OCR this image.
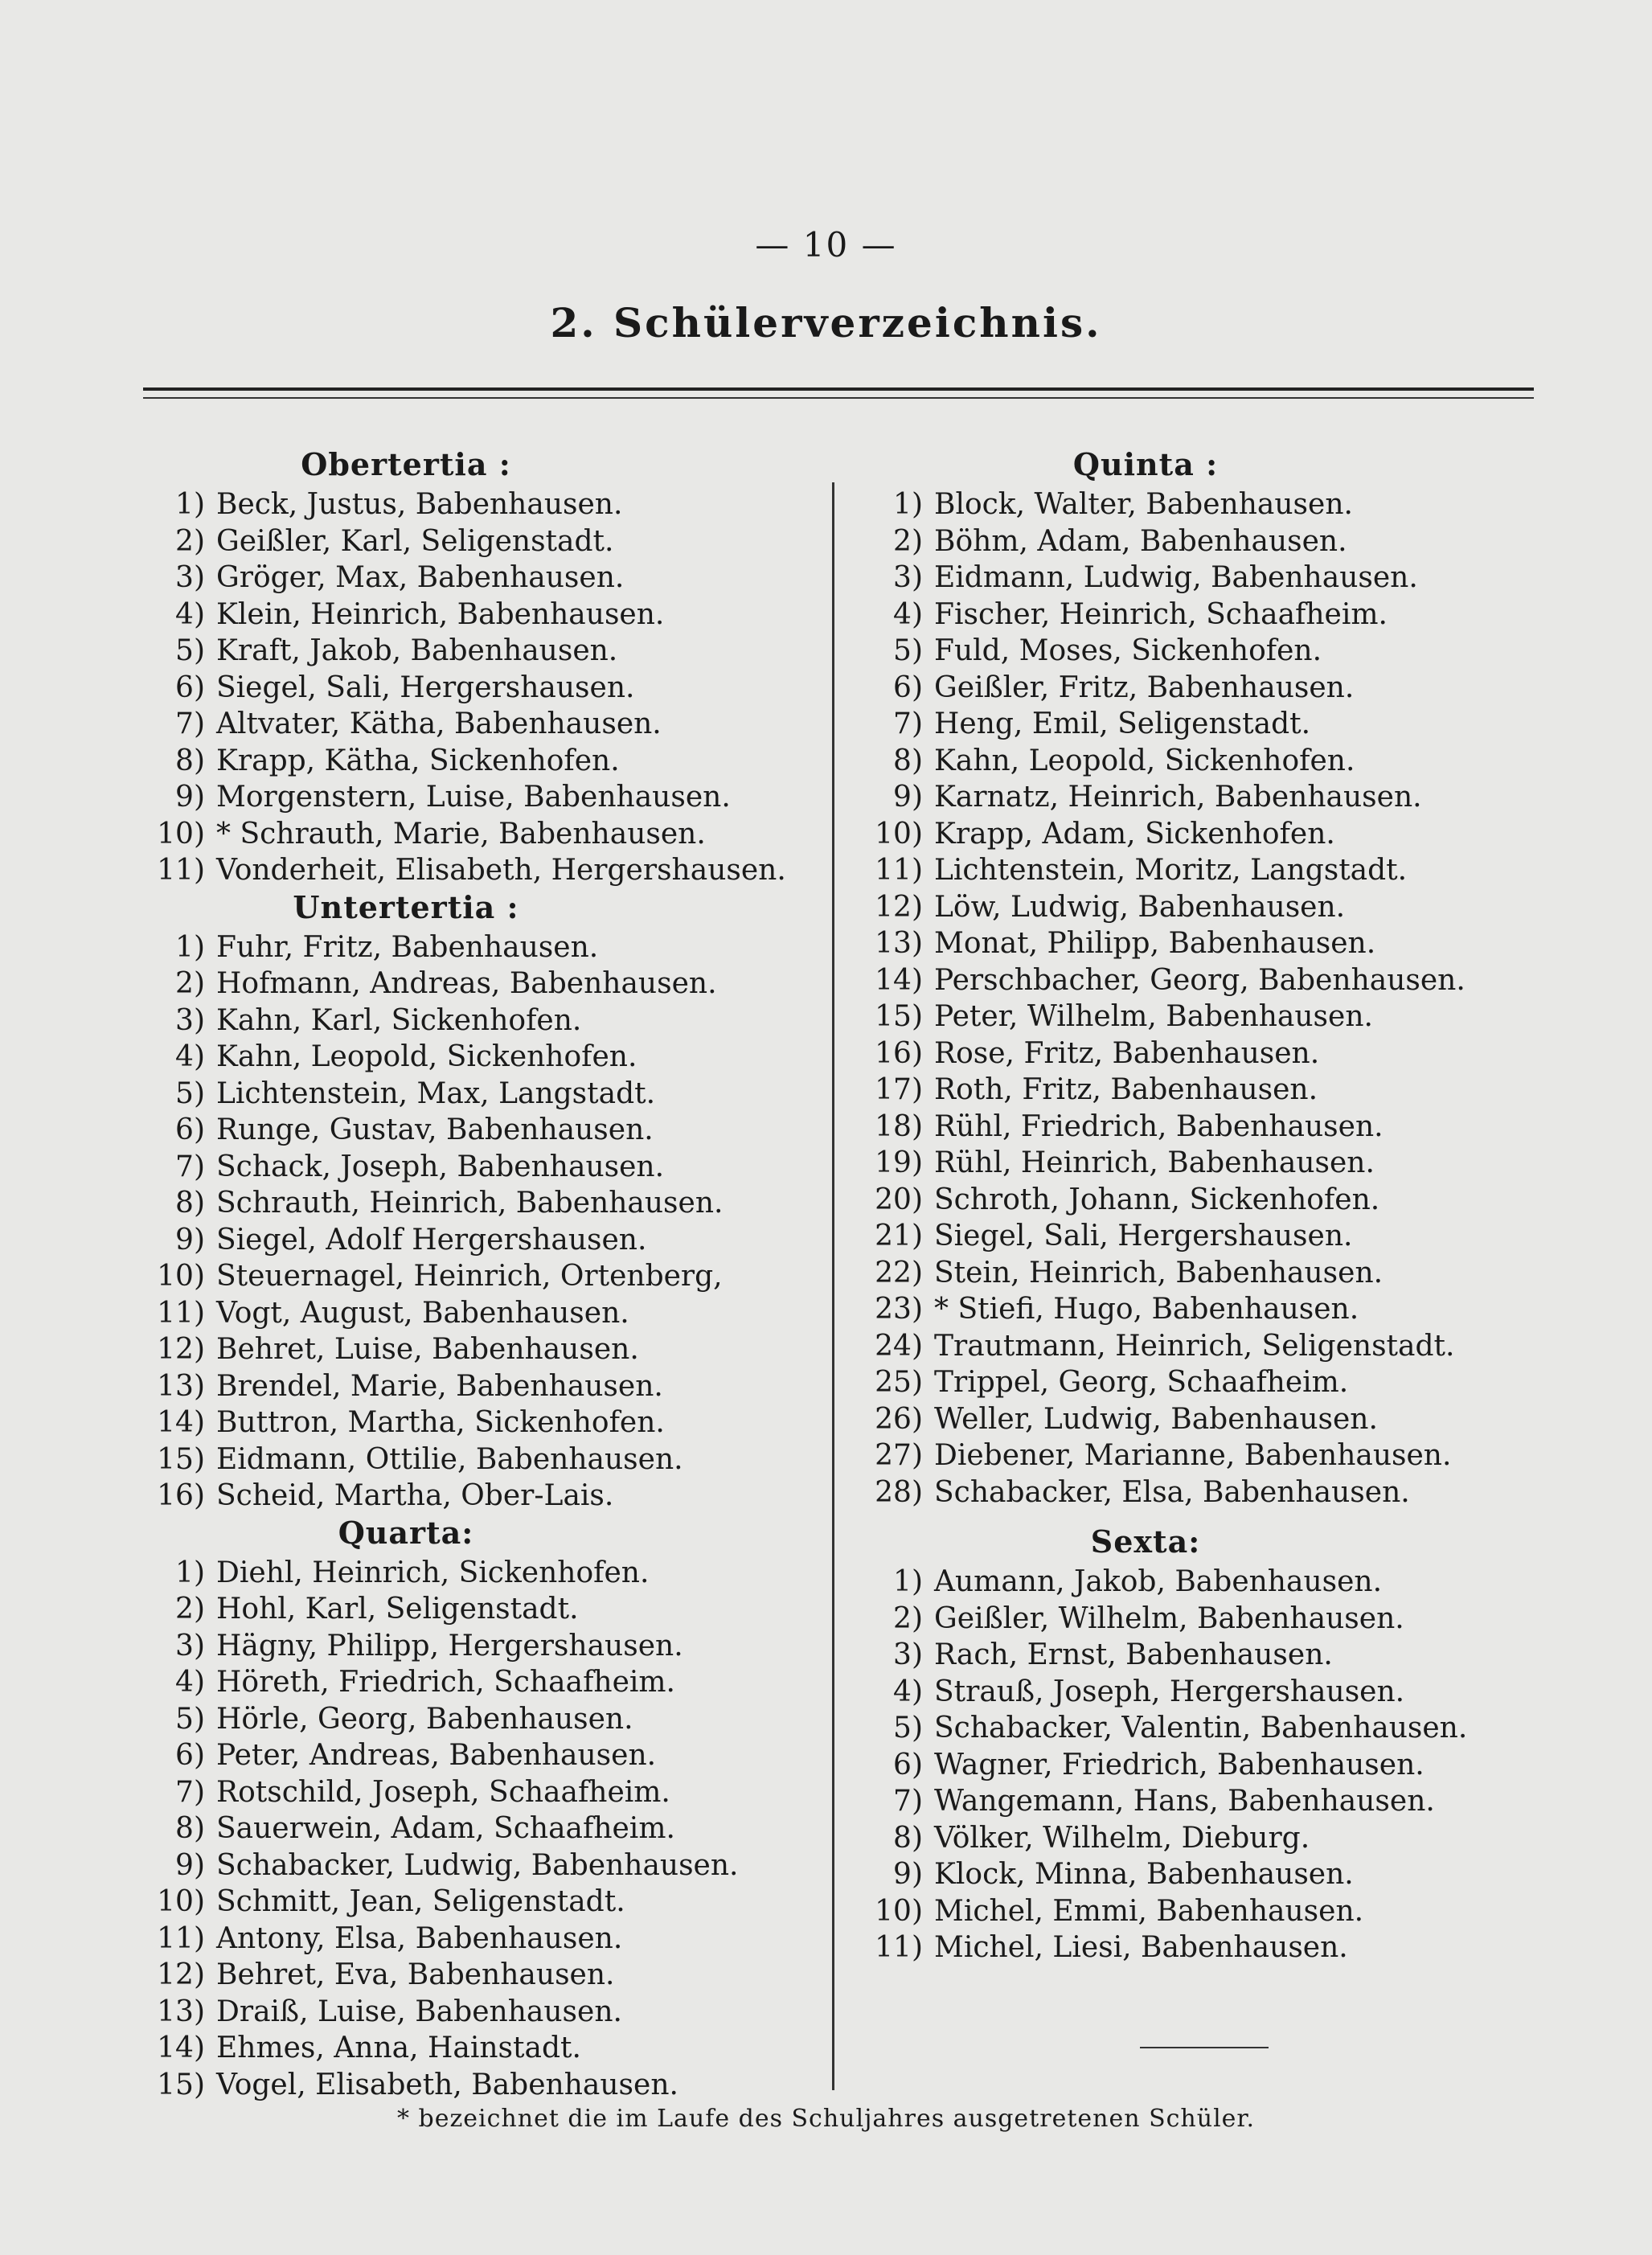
— 10 —
2. Schülerverzeichnis.
Obertertia :
1) Beck, Justus, Babenhausen.
2) Geißler, Karl, Seligenstadt.
3) Gröger, Max, Babenhausen.
4) Klein, Heinrich, Babenhausen.
5) Kraft, Jakob, Babenhausen.
6) Siegel, Sali, Hergershausen.
7) Altvater, Kätha, Babenhausen.
8) Krapp, Kätha, Sickenhofen.
9) Morgenstern, Luise, Babenhausen.
10) * Schrauth, Marie, Babenhausen.
11) Vonderheit, Elisabeth, Hergershausen.
Untertertia :
1) Fuhr, Fritz, Babenhausen.
2) Hofmann, Andreas, Babenhausen.
3) Kahn, Karl, Sickenhofen.
4) Kahn, Leopold, Sickenhofen.
5) Lichtenstein, Max, Langstadt.
6) Runge, Gustav, Babenhausen.
7) Schack, Joseph, Babenhausen.
8) Schrauth, Heinrich, Babenhausen.
9) Siegel, Adolf Hergershausen.
10) Steuernagel, Heinrich, Ortenberg,
11) Vogt, August, Babenhausen.
12) Behret, Luise, Babenhausen.
13) Brendel, Marie, Babenhausen.
14) Buttron, Martha, Sickenhofen.
15) Eidmann, Ottilie, Babenhausen.
16) Scheid, Martha, Ober-Lais.
Quarta:
1) Diehl, Heinrich, Sickenhofen.
2) Hohl, Karl, Seligenstadt.
3) Hägny, Philipp, Hergershausen.
4) Höreth, Friedrich, Schaafheim.
5) Hörle, Georg, Babenhausen.
6) Peter, Andreas, Babenhausen.
7) Rotschild, Joseph, Schaafheim.
8) Sauerwein, Adam, Schaafheim.
9) Schabacker, Ludwig, Babenhausen.
10) Schmitt, Jean, Seligenstadt.
11) Antony, Elsa, Babenhausen.
12) Behret, Eva, Babenhausen.
13) Draiß, Luise, Babenhausen.
14) Ehmes, Anna, Hainstadt.
15) Vogel, Elisabeth, Babenhausen.
Quinta :
1) Block, Walter, Babenhausen.
2) Böhm, Adam, Babenhausen.
3) Eidmann, Ludwig, Babenhausen.
4) Fischer, Heinrich, Schaafheim.
5) Fuld, Moses, Sickenhofen.
6) Geißler, Fritz, Babenhausen.
7) Heng, Emil, Seligenstadt.
8) Kahn, Leopold, Sickenhofen.
9) Karnatz, Heinrich, Babenhausen.
10) Krapp, Adam, Sickenhofen.
11) Lichtenstein, Moritz, Langstadt.
12) Löw, Ludwig, Babenhausen.
13) Monat, Philipp, Babenhausen.
14) Perschbacher, Georg, Babenhausen.
15) Peter, Wilhelm, Babenhausen.
16) Rose, Fritz, Babenhausen.
17) Roth, Fritz, Babenhausen.
18) Rühl, Friedrich, Babenhausen.
19) Rühl, Heinrich, Babenhausen.
20) Schroth, Johann, Sickenhofen.
21) Siegel, Sali, Hergershausen.
22) Stein, Heinrich, Babenhausen.
23) * Stiefi, Hugo, Babenhausen.
24) Trautmann, Heinrich, Seligenstadt.
25) Trippel, Georg, Schaafheim.
26) Weller, Ludwig, Babenhausen.
27) Diebener, Marianne, Babenhausen.
28) Schabacker, Elsa, Babenhausen.
Sexta:
1) Aumann, Jakob, Babenhausen.
2) Geißler, Wilhelm, Babenhausen.
3) Rach, Ernst, Babenhausen.
4) Strauß, Joseph, Hergershausen.
5) Schabacker, Valentin, Babenhausen.
6) Wagner, Friedrich, Babenhausen.
7) Wangemann, Hans, Babenhausen.
8) Völker, Wilhelm, Dieburg.
9) Klock, Minna, Babenhausen.
10) Michel, Emmi, Babenhausen.
11) Michel, Liesi, Babenhausen.
* bezeichnet die im Laufe des Schuljahres ausgetretenen Schüler.
